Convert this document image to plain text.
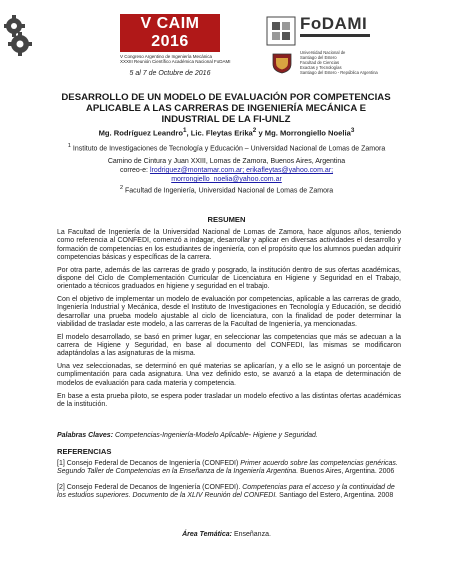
V CAIM 2016
V Congreso Argentino de Ingeniería Mecánica
XXXIII Reunión Científico Académica Nacional FoDAMI
5 al 7 de Octubre de 2016
FoDAMI
Universidad Nacional de
Santiago del Estero
Facultad de Ciencias
Exactas y Tecnologías
Santiago del Estero - República Argentina
DESARROLLO DE UN MODELO DE EVALUACIÓN POR COMPETENCIAS APLICABLE A LAS CARRERAS DE INGENIERÍA MECÁNICA E INDUSTRIAL DE LA FI-UNLZ
Mg. Rodríguez Leandro$^1$, Lic. Fleytas Erika$^2$ y Mg. Morrongiello Noelia$^3$
$^1$ Instituto de Investigaciones de Tecnología y Educación – Universidad Nacional de Lomas de Zamora
Camino de Cintura y Juan XXIII, Lomas de Zamora, Buenos Aires, Argentina
correo-e: lrodriguez@montamar.com.ar; erikafleytas@yahoo.com.ar;
morrongiello_noelia@yahoo.com.ar
$^2$ Facultad de Ingeniería, Universidad Nacional de Lomas de Zamora
RESUMEN

La Facultad de Ingeniería de la Universidad Nacional de Lomas de Zamora, hace algunos años, teniendo como referencia al CONFEDI, comenzó a indagar, desarrollar y aplicar en diversas actividades el desarrollo y formación de competencias en los estudiantes de ingeniería, con el propósito que los alumnos puedan adquirir competencias básicas y específicas de la carrera.

Por otra parte, además de las carreras de grado y posgrado, la institución dentro de sus ofertas académicas, dispone del Ciclo de Complementación Curricular de Licenciatura en Higiene y Seguridad en el Trabajo, orientado a técnicos graduados en higiene y seguridad en el trabajo.

Con el objetivo de implementar un modelo de evaluación por competencias, aplicable a las carreras de grado, Ingeniería Industrial y Mecánica, desde el Instituto de Investigaciones en Tecnología y Educación, se decidió desarrollar una prueba modelo ajustable al ciclo de licenciatura, con la finalidad de poder determinar la viabilidad de trasladar este modelo, a las carreras de la Facultad de Ingeniería, ya mencionadas.

El modelo desarrollado, se basó en primer lugar, en seleccionar las competencias que más se adecuan a la carrera de Higiene y Seguridad, en base al documento del CONFEDI, las mismas se modificaron adaptándolas a las asignaturas de la misma.

Una vez seleccionadas, se determinó en qué materias se aplicarían, y a ello se le asignó un porcentaje de cumplimentación para cada asignatura. Una vez definido esto, se avanzó a la etapa de determinación de modelos de evaluación para cada materia y competencia.

En base a esta prueba piloto, se espera poder trasladar un modelo efectivo a las distintas ofertas académicas de la institución.

Palabras Claves: Competencias-Ingeniería-Modelo Aplicable- Higiene y Seguridad.
REFERENCIAS

[1] Consejo Federal de Decanos de Ingeniería (CONFEDI) Primer acuerdo sobre las competencias genéricas. Segundo Taller de Competencias en la Enseñanza de la Ingeniería Argentina. Buenos Aires, Argentina. 2006

[2] Consejo Federal de Decanos de Ingeniería (CONFEDI). Competencias para el acceso y la continuidad de los estudios superiores. Documento de la XLIV Reunión del CONFEDI. Santiago del Estero, Argentina. 2008

Área Temática: Enseñanza.
